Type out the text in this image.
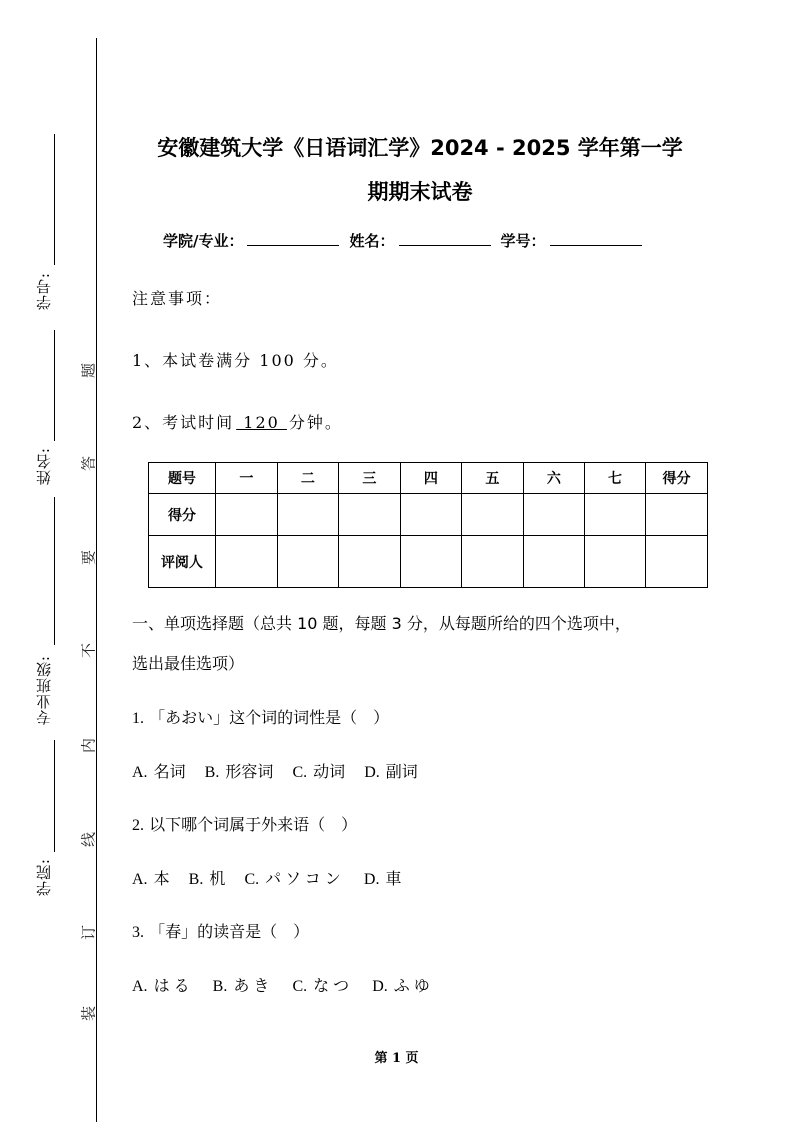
学号:
姓名:
专业班级:
学院:
题
答
要
不
内
线
订
装
安徽建筑大学《日语词汇学》2024 - 2025 学年第一学
期期末试卷
学院/专业：	姓名：	学号：
注意事项：
1、本试卷满分 100 分。
2、考试时间 120 分钟。
题号	一	二	三	四	五	六	七	得分
得分								
评阅人								
一、单项选择题（总共 10 题，每题 3 分，从每题所给的四个选项中，
选出最佳选项）
1. 「あおい」这个词的词性是（　）
A. 名词 B. 形容词 C. 动词 D. 副词
2. 以下哪个词属于外来语（　）
A. 本 B. 机 C. パソコン D. 車
3. 「春」的读音是（　）
A. はる B. あき C. なつ D. ふゆ
第 1 页
